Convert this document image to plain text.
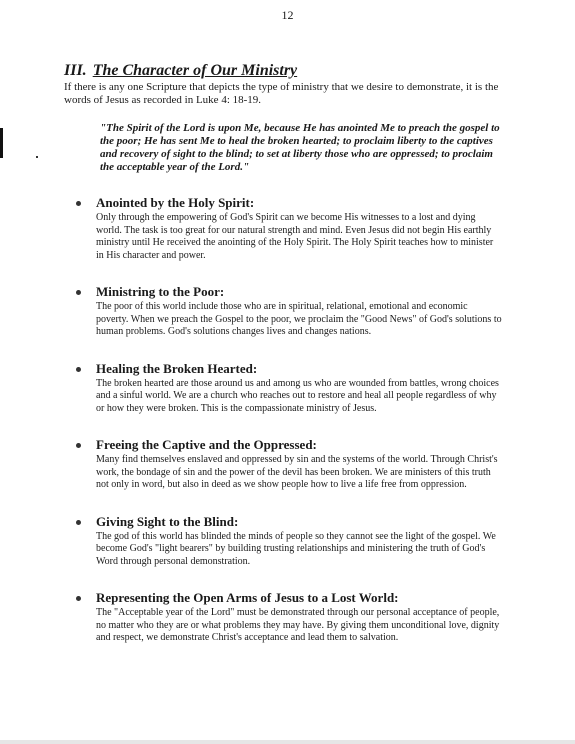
12
III. The Character of Our Ministry

If there is any one Scripture that depicts the type of ministry that we desire to demonstrate, it is the words of Jesus as recorded in Luke 4: 18-19.

"The Spirit of the Lord is upon Me, because He has anointed Me to preach the gospel to the poor; He has sent Me to heal the broken hearted; to proclaim liberty to the captives and recovery of sight to the blind; to set at liberty those who are oppressed; to proclaim the acceptable year of the Lord."

Anointed by the Holy Spirit:

Only through the empowering of God's Spirit can we become His witnesses to a lost and dying world. The task is too great for our natural strength and mind. Even Jesus did not begin His earthly ministry until He received the anointing of the Holy Spirit. The Holy Spirit teaches how to minister in His character and power.

Ministring to the Poor:

The poor of this world include those who are in spiritual, relational, emotional and economic poverty. When we preach the Gospel to the poor, we proclaim the "Good News" of God's solutions to human problems. God's solutions changes lives and changes nations.

Healing the Broken Hearted:

The broken hearted are those around us and among us who are wounded from battles, wrong choices and a sinful world. We are a church who reaches out to restore and heal all people regardless of why or how they were broken. This is the compassionate ministry of Jesus.

Freeing the Captive and the Oppressed:

Many find themselves enslaved and oppressed by sin and the systems of the world. Through Christ's work, the bondage of sin and the power of the devil has been broken. We are ministers of this truth not only in word, but also in deed as we show people how to live a life free from oppression.

Giving Sight to the Blind:

The god of this world has blinded the minds of people so they cannot see the light of the gospel. We become God's "light bearers" by building trusting relationships and ministering the truth of God's Word through personal demonstration.

Representing the Open Arms of Jesus to a Lost World:

The "Acceptable year of the Lord" must be demonstrated through our personal acceptance of people, no matter who they are or what problems they may have. By giving them unconditional love, dignity and respect, we demonstrate Christ's acceptance and lead them to salvation.
